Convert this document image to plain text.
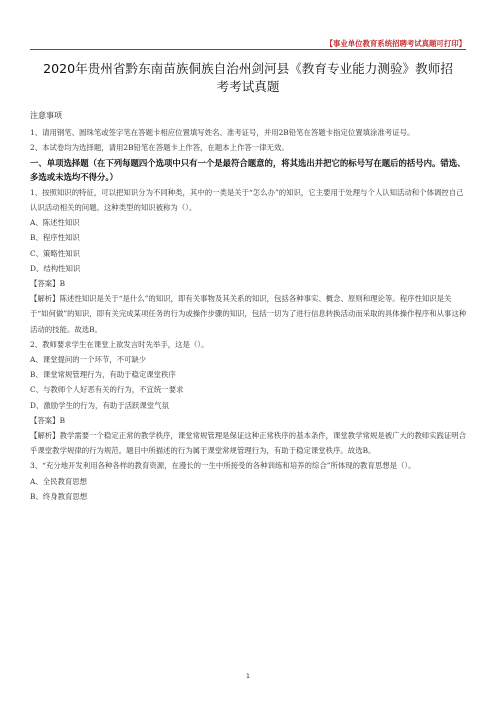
【事业单位教育系统招聘考试真题可打印】
2020年贵州省黔东南苗族侗族自治州剑河县《教育专业能力测验》教师招
考考试真题

注意事项

1、请用钢笔、圆珠笔或签字笔在答题卡相应位置填写姓名、准考证号，并用2B铅笔在答题卡指定位置填涂准考证号。

2、本试卷均为选择题，请用2B铅笔在答题卡上作答，在题本上作答一律无效。

一、单项选择题（在下列每题四个选项中只有一个是最符合题意的，将其选出并把它的标号写在题后的括号内。错选、多选或未选均不得分。）

1、按照知识的特征，可以把知识分为不同种类，其中的一类是关于“怎么办”的知识，它主要用于处理与个人认知活动和个体调控自己认识活动相关的问题。这种类型的知识被称为（）。

A、陈述性知识

B、程序性知识

C、策略性知识

D、结构性知识

【答案】B

【解析】陈述性知识是关于“是什么”的知识，即有关事物及其关系的知识，包括各种事实、概念、原则和理论等。程序性知识是关于“如何做”的知识，即有关完成某项任务的行为或操作步骤的知识，包括一切为了进行信息转换活动而采取的具体操作程序和从事这种活动的技能。故选B。

2、教师要求学生在课堂上欲发言时先举手，这是（）。

A、课堂提问的一个环节，不可缺少

B、课堂常规管理行为，有助于稳定课堂秩序

C、与教师个人好恶有关的行为，不宜统一要求

D、激励学生的行为，有助于活跃课堂气氛

【答案】B

【解析】教学需要一个稳定正常的教学秩序，课堂常规管理是保证这种正常秩序的基本条件，课堂教学常规是被广大的教师实践证明合乎课堂教学规律的行为规范。题目中所描述的行为属于课堂常规管理行为，有助于稳定课堂秩序。故选B。

3、“充分地开发利用各种各样的教育资源，在漫长的一生中所接受的各种训练和培养的综合”所体现的教育思想是（）。

A、全民教育思想

B、终身教育思想

1
